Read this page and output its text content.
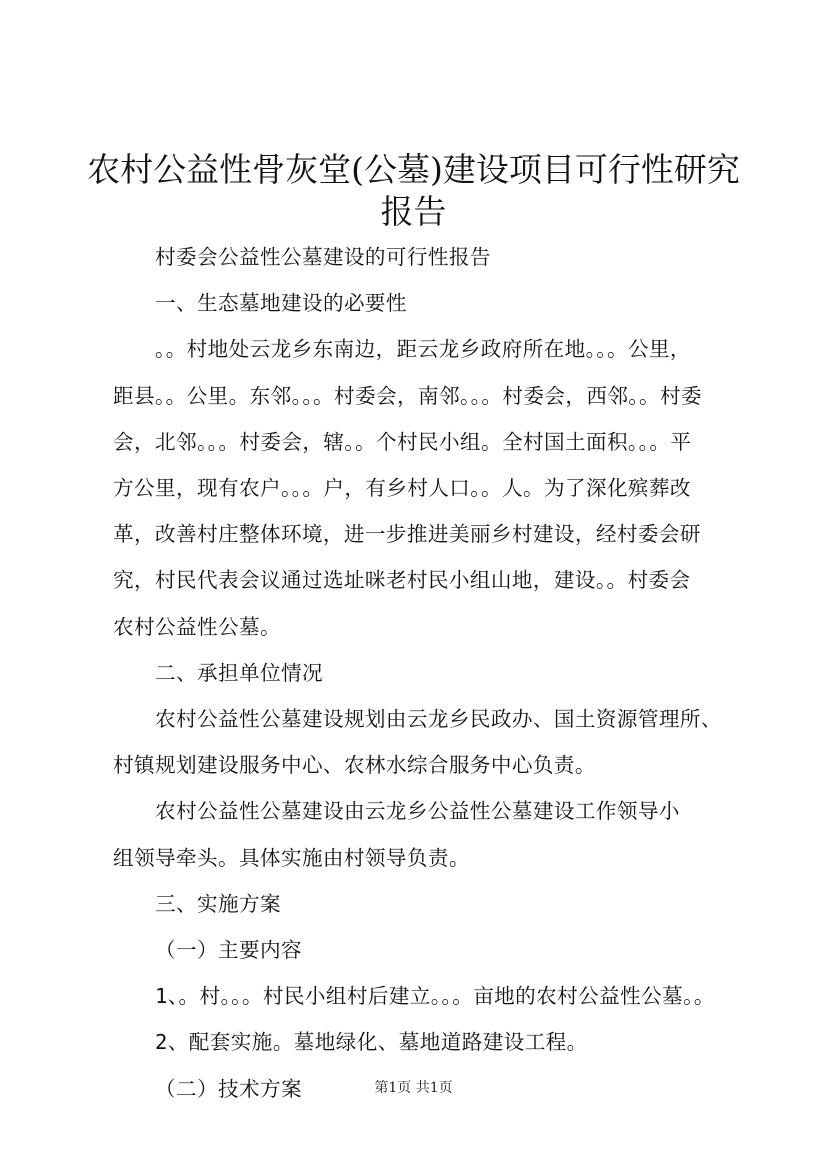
农村公益性骨灰堂(公墓)建设项目可行性研究
报告

村委会公益性公墓建设的可行性报告

一、生态墓地建设的必要性

。。村地处云龙乡东南边，距云龙乡政府所在地。。。公里，

距县。。公里。东邻。。。村委会，南邻。。。村委会，西邻。。村委

会，北邻。。。村委会，辖。。个村民小组。全村国土面积。。。平

方公里，现有农户。。。户，有乡村人口。。人。为了深化殡葬改

革，改善村庄整体环境，进一步推进美丽乡村建设，经村委会研

究，村民代表会议通过选址咪老村民小组山地，建设。。村委会

农村公益性公墓。

二、承担单位情况

农村公益性公墓建设规划由云龙乡民政办、国土资源管理所、

村镇规划建设服务中心、农林水综合服务中心负责。

农村公益性公墓建设由云龙乡公益性公墓建设工作领导小

组领导牵头。具体实施由村领导负责。

三、实施方案

（一）主要内容

1、。村。。。村民小组村后建立。。。亩地的农村公益性公墓。。

2、配套实施。墓地绿化、墓地道路建设工程。

（二）技术方案	第1页 共1页
